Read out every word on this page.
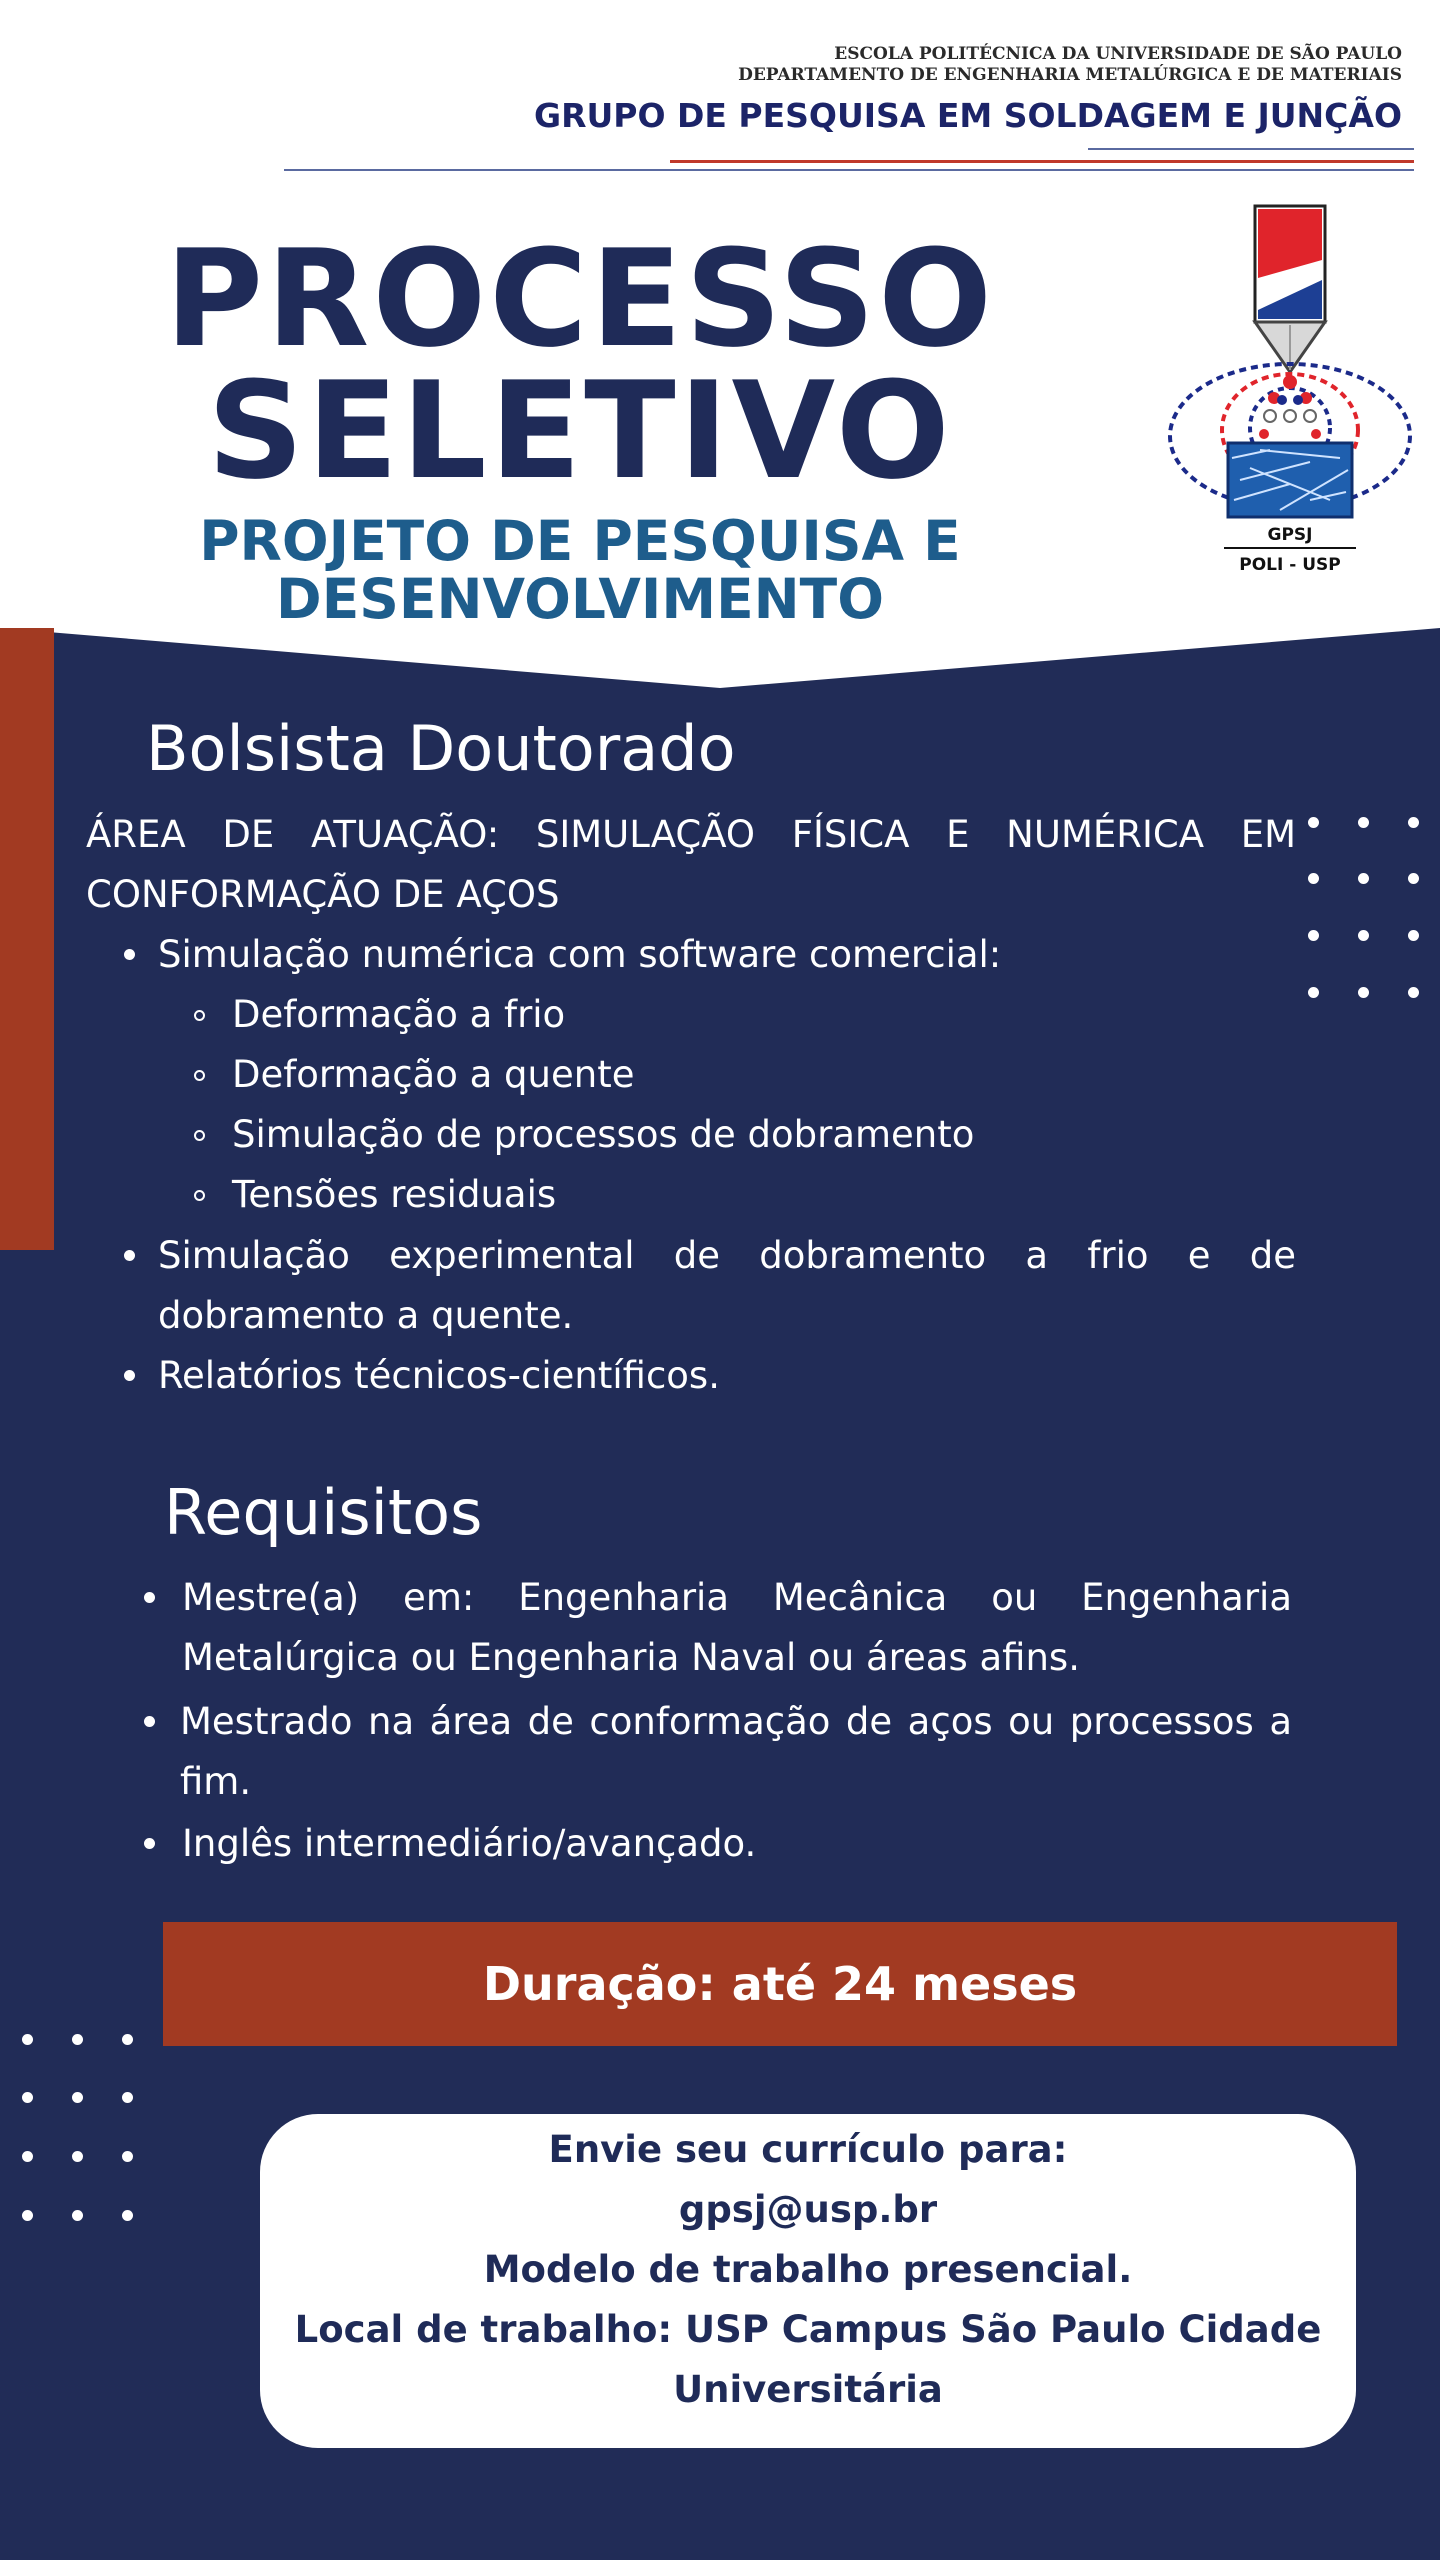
ESCOLA POLITÉCNICA DA UNIVERSIDADE DE SÃO PAULO
DEPARTAMENTO DE ENGENHARIA METALÚRGICA E DE MATERIAIS
GRUPO DE PESQUISA EM SOLDAGEM E JUNÇÃO
PROCESSO
SELETIVO
PROJETO DE PESQUISA E
DESENVOLVIMENTO
GPSJ
POLI - USP
Bolsista Doutorado
ÁREA DE ATUAÇÃO: SIMULAÇÃO FÍSICA E NUMÉRICA EM CONFORMAÇÃO DE AÇOS
Simulação numérica com software comercial:
Deformação a frio
Deformação a quente
Simulação de processos de dobramento
Tensões residuais
Simulação experimental de dobramento a frio e de dobramento a quente.
Relatórios técnicos-científicos.
Requisitos
Mestre(a) em: Engenharia Mecânica ou Engenharia Metalúrgica ou Engenharia Naval ou áreas afins.
Mestrado na área de conformação de aços ou processos a fim.
Inglês intermediário/avançado.
Duração: até 24 meses
Envie seu currículo para:
gpsj@usp.br
Modelo de trabalho presencial.
Local de trabalho: USP Campus São Paulo Cidade
Universitária
